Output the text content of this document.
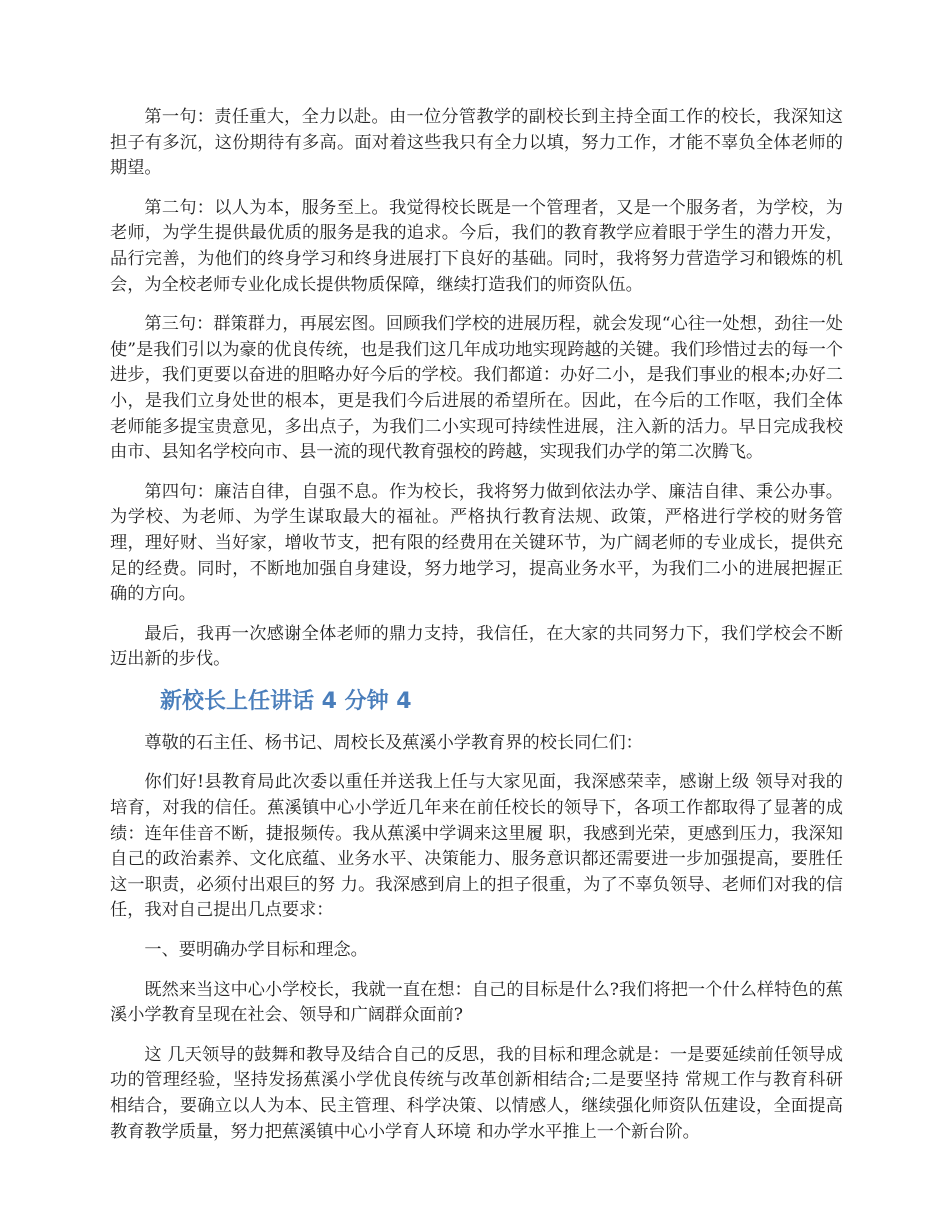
第一句：责任重大，全力以赴。由一位分管教学的副校长到主持全面工作的校长，我深知这担子有多沉，这份期待有多高。面对着这些我只有全力以填，努力工作，才能不辜负全体老师的期望。

第二句：以人为本，服务至上。我觉得校长既是一个管理者，又是一个服务者，为学校，为老师，为学生提供最优质的服务是我的追求。今后，我们的教育教学应着眼于学生的潜力开发，品行完善，为他们的终身学习和终身进展打下良好的基础。同时，我将努力营造学习和锻炼的机会，为全校老师专业化成长提供物质保障，继续打造我们的师资队伍。

第三句：群策群力，再展宏图。回顾我们学校的进展历程，就会发现“心往一处想，劲往一处使”是我们引以为豪的优良传统，也是我们这几年成功地实现跨越的关键。我们珍惜过去的每一个进步，我们更要以奋进的胆略办好今后的学校。我们都道：办好二小，是我们事业的根本;办好二小，是我们立身处世的根本，更是我们今后进展的希望所在。因此，在今后的工作呕，我们全体老师能多提宝贵意见，多出点子，为我们二小实现可持续性进展，注入新的活力。早日完成我校由市、县知名学校向市、县一流的现代教育强校的跨越，实现我们办学的第二次腾飞。

第四句：廉洁自律，自强不息。作为校长，我将努力做到依法办学、廉洁自律、秉公办事。为学校、为老师、为学生谋取最大的福祉。严格执行教育法规、政策，严格进行学校的财务管理，理好财、当好家，增收节支，把有限的经费用在关键环节，为广阔老师的专业成长，提供充足的经费。同时，不断地加强自身建设，努力地学习，提高业务水平，为我们二小的进展把握正确的方向。

最后，我再一次感谢全体老师的鼎力支持，我信任，在大家的共同努力下，我们学校会不断迈出新的步伐。

新校长上任讲话 4 分钟 4

尊敬的石主任、杨书记、周校长及蕉溪小学教育界的校长同仁们：

你们好!县教育局此次委以重任并送我上任与大家见面，我深感荣幸，感谢上级 领导对我的培育，对我的信任。蕉溪镇中心小学近几年来在前任校长的领导下，各项工作都取得了显著的成绩：连年佳音不断，捷报频传。我从蕉溪中学调来这里履 职，我感到光荣，更感到压力，我深知自己的政治素养、文化底蕴、业务水平、决策能力、服务意识都还需要进一步加强提高，要胜任这一职责，必须付出艰巨的努 力。我深感到肩上的担子很重，为了不辜负领导、老师们对我的信任，我对自己提出几点要求：

一、要明确办学目标和理念。

既然来当这中心小学校长，我就一直在想：自己的目标是什么?我们将把一个什么样特色的蕉溪小学教育呈现在社会、领导和广阔群众面前?

这 几天领导的鼓舞和教导及结合自己的反思，我的目标和理念就是：一是要延续前任领导成功的管理经验，坚持发扬蕉溪小学优良传统与改革创新相结合;二是要坚持 常规工作与教育科研相结合，要确立以人为本、民主管理、科学决策、以情感人，继续强化师资队伍建设，全面提高教育教学质量，努力把蕉溪镇中心小学育人环境 和办学水平推上一个新台阶。
